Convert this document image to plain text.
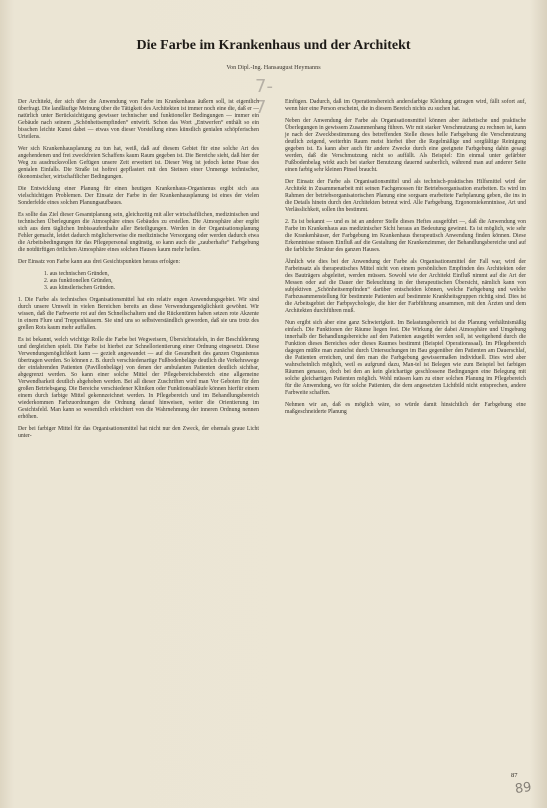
Die Farbe im Krankenhaus und der Architekt
Von Dipl.-Ing. Hansaugust Heymanns
7-7

Der Architekt, der sich über die Anwendung von Farbe im Krankenhaus äußern soll, ist eigentlich überfragt. Die landläufige Meinung über die Tätigkeit des Architekten ist immer noch eine die, daß er — natürlich unter Berücksichtigung gewisser technischer und funktioneller Bedingungen — immer ein Gebäude nach seinem „Schönheitsempfinden“ entwirft. Schon das Wort „Entwerfen“ enthält so ein bisschen leichte Kunst dabei — etwas von dieser Vorstellung eines künstlich genialen schöpferischen Urteilens.

Wer sich Krankenhausplanung zu tun hat, weiß, daß auf diesem Gebiet für eine solche Art des angehendenen und frei zweckfreien Schaffens kaum Raum gegeben ist. Die Bereiche sieht, daß hier der Weg zu ausdrucksvollen Gefügen unsere Zeit erweitert ist. Dieser Weg ist jedoch keine Pisse des genialen Einfalls. Die Straße ist hoftrei gepflastert mit den Steinen einer Unmenge technischer, ökonomischer, wirtschaftlicher Bedingungen.

Die Entwicklung einer Planung für einen heutigen Krankenhaus-Organismus ergibt sich aus vielschichtigen Problemen. Der Einsatz der Farbe in der Krankenhausplanung ist eines der vielen Sonderfelde eines solchen Planungsaufbaues.

Es sollte das Ziel dieser Gesamtplanung sein, gleichzeitig mit aller wirtschaftlichen, medizinischen und technischen Überlegungen die Atmosphäre eines Gebäudes zu erstellen. Die Atmosphäre aber ergibt sich aus dem täglichen Imbissaufenthalte aller Beteiligungen. Werden in der Organisationsplanung Fehler gemacht, leidet dadurch möglicherweise die medizinische Versorgung oder werden dadurch etwa die Arbeitsbedingungen für das Pflegepersonal ungünstig, so kann auch die „zauberhafte“ Farbgebung die notdürftigen örtlichen Atmosphäre eines solchen Hauses kaum mehr heilen.

Der Einsatz von Farbe kann aus drei Gesichtspunkten heraus erfolgen:

1. aus technischen Gründen,
2. aus funktionellen Gründen,
3. aus künstlerischen Gründen.

1. Die Farbe als technisches Organisationsmittel hat ein relativ engen Anwendungsgebiet. Wir sind durch unsere Umwelt in vielen Bereichen bereits an diese Verwendungsmöglichkeit gewöhnt. Wir wissen, daß die Farbwerte rot auf den Schnellschaltern und die Rückentüren haben setzen rote Akzente in einem Flure und Treppenhäusern. Sie sind uns so selbstverständlich geworden, daß sie uns trotz des grellen Rots kaum mehr auffallen.

Es ist bekannt, welch wichtige Rolle die Farbe bei Wegweisern, Übersichtstafeln, in der Beschilderung und dergleichen spielt. Die Farbe ist hierbei zur Schnellorientierung einer Ordnung eingesetzt. Diese Verwendungsmöglichkeit kann — gezielt angewandet — auf die Gesundheit des ganzen Organismus übertragen werden. So können z. B. durch verschiedenartige Fußbodenbeläge deutlich die Verkehrswege der einfahrenden Patienten (Pavillonbeläge) von denen der ambulanten Patienten deutlich sichtbar, abgegrenzt werden. So kann einer solche Mittel der Pflegebereichsbereich eine allgemeine Verwendbarkeit deutlich abgehoben werden. Bei all dieser Zuschriften wird man Vor Geboten für den großen Betriebsgang. Die Bereiche verschiedener Kliniken oder Funktionsabläufe können hierfür einem einem durch farbige Mittel gekennzeichnet werden. In Pflegebereich und im Behandlungsbereich wiederkommen Farbzuordnungen die Ordnung darauf hinweisen, weiter die Orientierung im Gesichtsfeld. Man kann so wesentlich erleichtert von die Wahrnehmung der inneren Ordnung nennen erhöhen.

Der bei farbiger Mittel für das Organisationsmittel hat nicht nur den Zweck, der ehemals graue Licht unter-

Einfügen. Dadurch, daß im Operationsbereich andersfarbige Kleidung getragen wird, fällt sofort auf, wenn hier eine Person erscheint, die in diesem Bereich nichts zu suchen hat.

Neben der Anwendung der Farbe als Organisationsmittel können aber ästhetische und praktische Überlegungen in gewissem Zusammenhang führen. Wir mit starker Verschmutzung zu rechnen ist, kann je nach der Zweckbestimmung des betreffenden Stelle dieses helle Farbgebung die Verschmutzung deutlich zeigend, weiterhin Raum meist hierbei über die Regelmäßige und sorgfältige Reinigung gegeben ist. Es kann aber auch für andere Zwecke durch eine geeignete Farbgebung dahin gesagt werden, daß die Verschmutzung nicht so auffällt. Als Beispiel: Ein einmal unter gefärbter Fußbodenbelag wirkt auch bei starker Benutzung dauernd sauberlich, während man auf anderer Seite einen farbig sehr kleinen Pinsel braucht.

Der Einsatz der Farbe als Organisationsmittel und als technisch-praktisches Hilfsmittel wird der Architekt in Zusammenarbeit mit seinen Fachgenossen für Betriebsorganisation erarbeiten. Es wird im Rahmen der betriebsorganisatorischen Planung eine sorgsam erarbeitete Farbplanung geben, die ins in die Details hinein durch den Architekten betreut wird. Alle Farbgebung, Ergonomiekenntnisse, Art und Verlässlichkeit, sollen ihn bestimmt.

2. Es ist bekannt — und es ist an anderer Stelle dieses Heftes ausgeführt —, daß die Anwendung von Farbe im Krankenhaus aus medizinischer Sicht heraus an Bedeutung gewinnt. Es ist möglich, wie sehr die Krankenhäuser, der Farbgebung im Krankenhaus therapeutisch Anwendung finden können. Diese Erkenntnisse müssen Einfluß auf die Gestaltung der Krankenzimmer, der Behandlungsbereiche und auf die farbliche Struktur des ganzen Hauses.

Ähnlich wie dies bei der Anwendung der Farbe als Organisationsmittel der Fall war, wird der Farbeinsatz als therapeutisches Mittel nicht von einem persönlichen Empfinden des Architekten oder des Bauträgers abgeleitet, werden müssen. Sowohl wie der Architekt Einfluß nimmt auf die Art der Messen oder auf die Dauer der Beleuchtung in der therapeutischen Übersicht, nämlich kann von subjektiven „Schönheitsempfinden“ darüber entscheiden können, welche Farbgebung und welche Farbzusammenstellung für bestimmte Patienten auf bestimmte Krankheitsgruppen richtig sind. Dies ist die Arbeitsgebiet der Farbpsychologie, die hier der Farbführung ansammen, mit den Ärzten und dem Architekten durchführen muß.

Nun ergibt sich aber eine ganz Schwierigkeit. Im Belastungsbereich ist die Planung verhältnismäßig einfach. Die Funktionen der Räume liegen fest. Die Wirkung der dabei Atmosphäre und Umgebung innerhalb der Behandlungsbereiche auf den Patienten ausgeübt werden soll, ist weitgehend durch die Funktion dieses Bereiches oder dieses Raumes bestimmt (Beispiel Operationssaal). Im Pflegebereich dagegen müßte man zunächst durch Untersuchungen im Bau gegenüber den Patienten am Dauerschlaf, die Patienten erreichen, und den man die Farbgebung gewissermaßen individuell. Dies wird aber wahrscheinlich möglich, weil es aufgrund dazu, Man-tel ist Belegen wie zum Beispiel bei farbigen Räumen genauso, doch bei den an kein gleichartige geschlossene Bedingungen eine Belegung mit solche gleichartigen Patienten möglich. Wohl müssen kam zu einer solchen Planung im Pflegebereich für die Anwendung, wo für solche Patienten, die dem angesetzten Lichtbild nicht entsprechen, andere Farbweite schaffen.

Nehmen wir an, daß es möglich wäre, so würde damit hinsichtlich der Farbgebung eine maßgeschneiderte Planung

87
89
